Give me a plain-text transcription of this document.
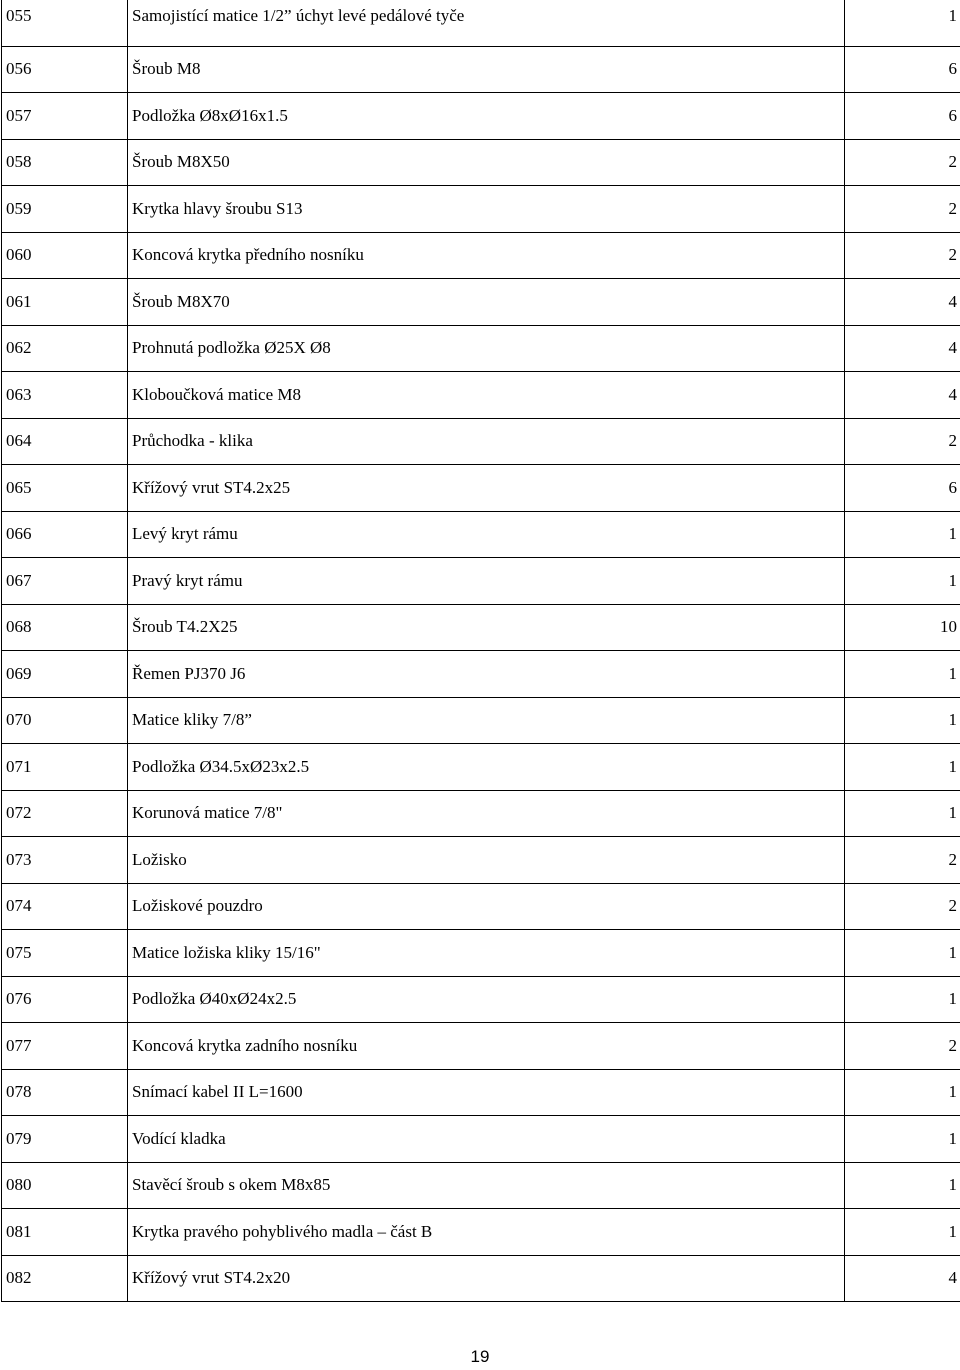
055	Samojistící matice 1/2” úchyt levé pedálové tyče	1

056	Šroub M8	6
057	Podložka Ø8xØ16x1.5	6
058	Šroub M8X50	2
059	Krytka hlavy šroubu S13	2
060	Koncová krytka předního nosníku	2
061	Šroub M8X70	4
062	Prohnutá podložka Ø25X Ø8	4
063	Kloboučková matice M8	4
064	Průchodka - klika	2
065	Křížový vrut ST4.2x25	6
066	Levý kryt rámu	1
067	Pravý kryt rámu	1
068	Šroub T4.2X25	10
069	Řemen PJ370 J6	1
070	Matice kliky 7/8”	1
071	Podložka Ø34.5xØ23x2.5	1
072	Korunová matice 7/8"	1
073	Ložisko	2
074	Ložiskové pouzdro	2
075	Matice ložiska kliky 15/16"	1
076	Podložka Ø40xØ24x2.5	1
077	Koncová krytka zadního nosníku	2
078	Snímací kabel II L=1600	1
079	Vodící kladka	1
080	Stavěcí šroub s okem M8x85	1
081	Krytka pravého pohyblivého madla – část B	1
082	Křížový vrut ST4.2x20	4
19
